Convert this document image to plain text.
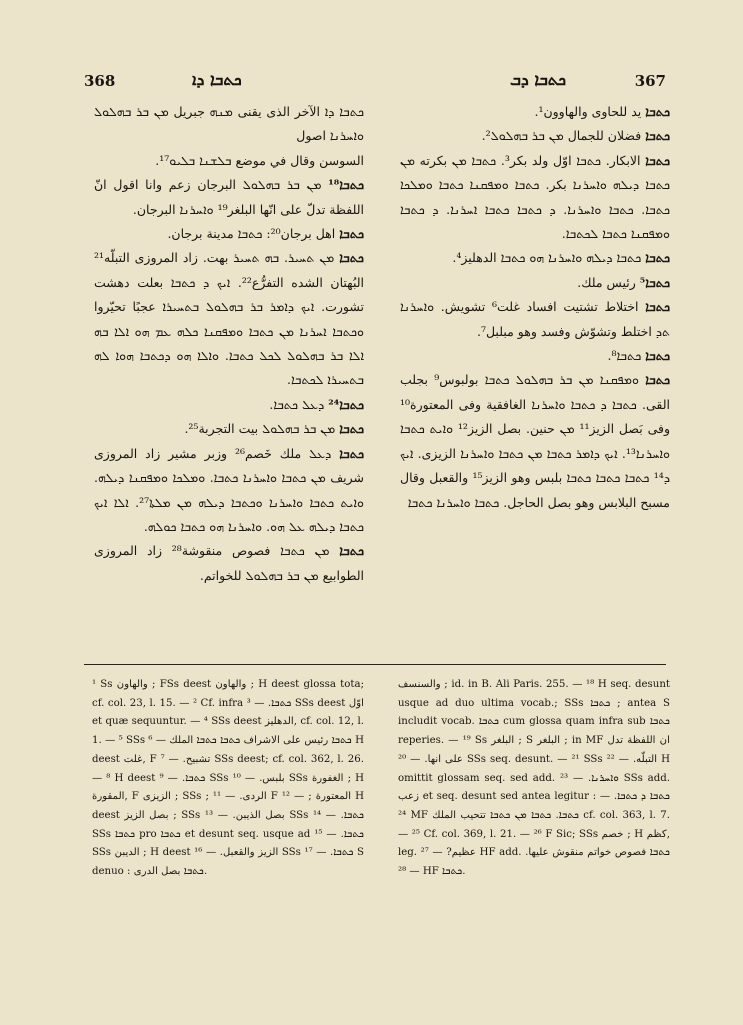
368	ܟܬܒܐ ܕܐ	ܟܬܒܐ ܕܒ	367

ܟܬܒܐ ܕܐ الآخر الذى يقنى ܡܢܗ جبريل ܡܢ ܒܪ ܒܗܠܘܠ ܘܐܚܪܢܐ اصول

السوسن وقال في موضع ܒܠܫܢܐ ܒܠܝܘ¹⁷.

ܟܬܒܐ¹⁸ ܡܢ ܒܪ ܒܗܠܘܠ البرجان زعم وانا اقول انّ اللفظة تدلّ على انّها البلغر¹⁹ ܘܐܚܪܢܐ البرجان.

ܟܬܒܐ اهل برجان²⁰: ܟܬܒܐ مدينة برجان.

ܟܬܒܐ ܡܢ ܬܚܝܪ. ܒܗ ܬܚܝܪ بهت. زاد المروزى التبلّه²¹ البُهتان الشده التفرُّع²². ܐܝܟ ܕ ܟܬܒܐ بعلت دهشت تشورت. ܐܝܟ ܕܐܡܪ ܒܪ ܒܗܠܘܠ ܒܬܚܝܪܐ عجبًا تحيّروا ܘܟܬܒܐ ܐܚܪܢܐ ܡܢ ܟܬܒܐ ܘܡܦܩܢܐ ܟܠܗ ܥܡ ܗܘ ܐܠܐ ܒܗ ܐܠܐ ܒܪ ܒܗܠܘܠ ܠܟܠ ܟܬܒܐ. ܘܐܠܐ ܗܘ ܕܟܬܒܐ ܗܘܐ ܠܗ ܒܬܚܝܪܐ ܠܟܬܒܐ.

ܟܬܒܐ²⁴ ܕܥܠ ܟܬܒܐ.

ܟܬܒܐ ܡܢ ܒܪ ܒܗܠܘܠ بيت التجربة²⁵.

ܟܬܒܐ ܕܥܠ ملك خَصم²⁶ وزبر مشير زاد المروزى شريف ܡܢ ܟܬܒܐ ܘܐܚܪܢܐ ܟܬܒܐ. ܘܡܠܟܐ ܘܡܦܩܢܐ ܕܝܠܗ. ܘܐܝܬ ܟܬܒܐ ܘܐܚܪܢܐ ܘܟܬܒܐ ܕܝܠܗ ܡܢ ܡܠܬܐ²⁷. ܐܠܐ ܐܝܟ ܟܬܒܐ ܕܝܠܗ ܥܠ ܗܘ. ܘܐܚܪܢܐ ܗܘ ܟܬܒܐ ܟܘܠܗ.

ܟܬܒܐ ܡܢ ܟܬܒܐ فصوص منقوشة²⁸ زاد المروزى الطوابيع ܡܢ ܒܪ ܒܗܠܘܠ للخواتم.

ܟܬܒܐ يد للحاوى والهاوون¹.

ܟܬܒܐ فضلان للجمال ܡܢ ܒܪ ܒܗܠܘܠ².

ܟܬܒܐ الابكار. ܟܬܒܐ اوّل ولد بكر³. ܟܬܒܐ ܡܢ بكرته ܡܢ ܟܬܒܐ ܕܝܠܗ ܘܐܚܪܢܐ بكر. ܟܬܒܐ ܘܡܦܩܢܐ ܟܬܒܐ ܘܡܠܟܐ ܟܬܒܐ. ܟܬܒܐ ܘܐܚܪܢܐ. ܕ ܟܬܒܐ ܟܬܒܐ ܐܚܪܢܐ. ܕ ܟܬܒܐ ܘܡܦܩܢܐ ܟܬܒܐ ܠܟܬܒܐ.

ܟܬܒܐ ܟܬܒܐ ܕܝܠܗ ܘܐܚܪܢܐ ܗܘ ܟܬܒܐ الدهليز⁴.

ܟܬܒܐ⁵ رئيس ملك.

ܟܬܒܐ اختلاط تشتيت افساد غلت⁶ تشويش. ܘܐܚܪܢܐ ܬܕ اختلط وتشوّش وفسد وهو مبلبل⁷.

ܟܬܒܐ ܟܬܒܐ⁸.

ܟܬܒܐ ܘܡܦܩܢܐ ܡܢ ܒܪ ܒܗܠܘܠ ܟܬܒܐ بولبوس⁹ بجلب القى. ܟܬܒܐ ܕ ܟܬܒܐ ܘܐܚܪܢܐ الغافقية وفى المعتورة¹⁰ وفى بَصل الزيز¹¹ ܡܢ حنين. بصل الزيز¹² ܘܐܝܬ ܟܬܒܐ ܘܐܚܪܢܐ¹³. ܐܝܟ ܕܐܡܪ ܟܬܒܐ ܡܢ ܟܬܒܐ ܘܐܚܪܢܐ الزيزى. ܐܝܟ ܕ¹⁴ ܟܬܒܐ ܟܬܒܐ ܟܬܒܐ بلبس وهو الزيز¹⁵ والقعبل وقال مسبح البلابس وهو بصل الحاجل. ܟܬܒܐ ܘܐܚܪܢܐ ܟܬܒܐ

¹ Ss والهاون ; FSs deest والهاون ; H deest glossa tota; cf. col. 23, l. 15. — ² Cf. infra ܟܬܒܐ. — ³ SSs deest اوّل et quæ sequuntur. — ⁴ SSs deest الدهليز, cf. col. 12, l. 1. — ⁵ SSs ܟܬܒܐ رئيس على الاشراف ܟܬܒܐ ܟܬܒܐ الملك — ⁶ H deest غلت, F تشبيح. — ⁷ SSs deest; cf. col. 362, l. 26. — ⁸ H deest ܟܬܒܐ. — ⁹ SSs بلبس. — ¹⁰ SSs الغفورة ; H المقورة, F الزيزى ; SSs ; الردى. — ¹¹ F المعتورة ; — ¹² H deest بصل الزيز ; SSs بصل الذيبن. — ¹³ SSs ܟܬܒܐ. — ¹⁴ SSs ܟܬܒܐ pro ܟܬܒܐ et desunt seq. usque ad ܟܬܒܐ. — ¹⁵ SSs الديبن ; H deest الزيز والقعبل. — ¹⁶ SSs ܟܬܒܐ. — ¹⁷ S denuo : ܟܬܒܐ بصل الدرى.

والسنسف ; id. in B. Ali Paris. 255. — ¹⁸ H seq. desunt usque ad duo ultima vocab.; SSs ܟܬܒܐ ; antea S includit vocab. ܟܬܒܐ cum glossa quam infra sub ܟܬܒܐ reperies. — ¹⁹ Ss البلغر ; S البلغر ; in MF ان اللفظة تدل على انها. — ²⁰ SSs seq. desunt. — ²¹ SSs التبلّه. — ²² H omittit glossam seq. sed add. ܘܐܚܪܢܐ. — ²³ SSs add. زعب et seq. desunt sed antea legitur : ܟܬܒܐ ܕ ܟܬܒܐ. — ²⁴ MF ܟܬܒܐ. ܟܬܒܐ ܡܢ ܟܬܒܐ تتحيب الملك cf. col. 363, l. 7. — ²⁵ Cf. col. 369, l. 21. — ²⁶ F Sic; SSs خصم ; H كظم, leg. عظيم? — ²⁷ HF add. ܟܬܒܐ فصوص خواتم منقوش عليها. — ²⁸ HF ܟܬܒܐ.
